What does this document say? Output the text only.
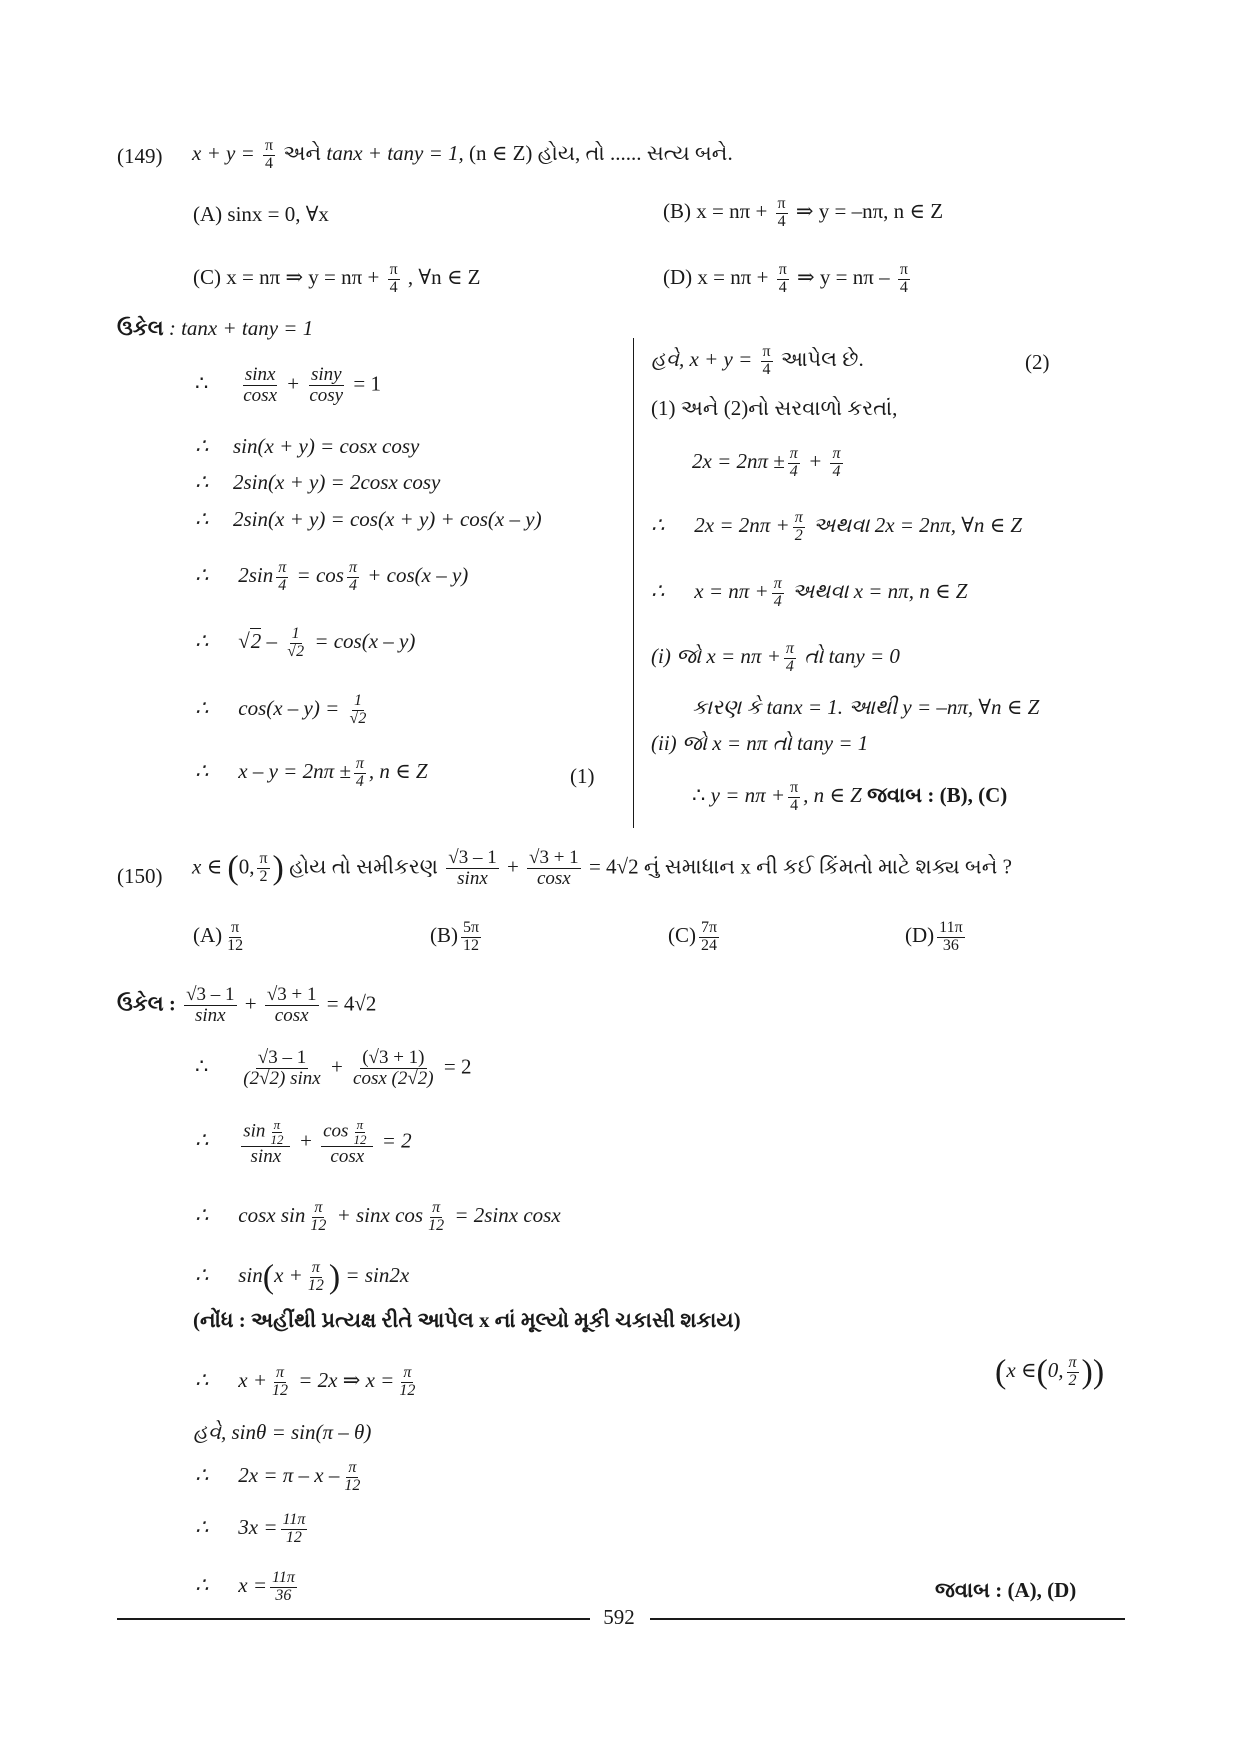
(149) $x + y = \frac{\pi}{4}$ અને tanx + tany = 1, (n ∈ Z) હોય, તો ...... સત્ય બને.
(A) sinx = 0, ∀x	(B) $x = n\pi + \frac{\pi}{4}$ ⇒ y = –nπ, n ∈ Z
(C) x = nπ ⇒ $y = n\pi + \frac{\pi}{4}$ , ∀n ∈ Z	(D) $x = n\pi + \frac{\pi}{4}$ ⇒ $y = n\pi - \frac{\pi}{4}$
ઉકેલ : tanx + tany = 1
∴ $\frac{\sin x}{\cos x} + \frac{\sin y}{\cos y} = 1$
∴ sin(x + y) = cosx cosy
∴ 2sin(x + y) = 2cosx cosy
∴ 2sin(x + y) = cos(x + y) + cos(x – y)
∴ $2\sin \frac{\pi}{4} = \cos \frac{\pi}{4} + \cos(x - y)$
∴ $√2 - \frac{1}{√2} = \cos(x - y)$
∴ $\cos(x - y) = \frac{1}{√2}$
∴ $x - y = 2n\pi \pm \frac{\pi}{4}$ , n ∈ Z	(1)
હવે, $x + y = \frac{\pi}{4}$ આપેલ છે.	(2)
(1) અને (2)નો સરવાળો કરતાં,
$2x = 2n\pi \pm \frac{\pi}{4} + \frac{\pi}{4}$
∴ $2x = 2n\pi + \frac{\pi}{2}$ અથવા 2x = 2nπ, ∀n ∈ Z
∴ $x = n\pi + \frac{\pi}{4}$ અથવા x = nπ, n ∈ Z
(i) જો $x = n\pi + \frac{\pi}{4}$ તો tany = 0
કારણ કે tanx = 1. આથી y = –nπ, ∀n ∈ Z
(ii) જો x = nπ તો tany = 1
∴ $y = n\pi + \frac{\pi}{4}$ , n ∈ Z જવાબ : (B), (C)
(150) x ∈ (0, $\frac{\pi}{2}$ ) હોય તો સમીકરણ $\frac{√3 - 1}{\sin x} + \frac{√3 + 1}{\cos x} = 4√2$ નું સમાધાન x ની કઈ કિંમતો માટે શક્ય બને ?
$(A) \frac{\pi}{12}$	$(B) \frac{5\pi}{12}$	$(C) \frac{7\pi}{24}$	$(D) \frac{11\pi}{36}$
ઉકેલ : $\frac{√3 - 1}{\sin x} + \frac{√3 + 1}{\cos x} = 4√2$
∴ $\frac{√3 - 1}{(2√2) \sin x} + \frac{(√3 + 1)}{\cos x (2√2)} = 2$
∴ $\frac{\sin \frac{\pi}{12}}{\sin x} + \frac{\cos \frac{\pi}{12}}{\cos x} = 2$
∴ cosx $\sin \frac{\pi}{12} + \sin x$ $\cos \frac{\pi}{12} = 2\sin x$ cosx
∴ $\sin(x + \frac{\pi}{12}$ ) = sin2x
(નોંધ : અહીંથી પ્રત્યક્ષ રીતે આપેલ x નાં મૂલ્યો મૂકી ચકાસી શકાય)
∴ $x + \frac{\pi}{12} = 2x$ ⇒ $x = \frac{\pi}{12}$	(x ∈(0, $\frac{\pi}{2}$ ))
હવે, sinθ = sin(π – θ)
∴ $2x = \pi - x - \frac{\pi}{12}$
∴ $3x = \frac{11\pi}{12}$
∴ $x = \frac{11\pi}{36}$	જવાબ : (A), (D)
592
